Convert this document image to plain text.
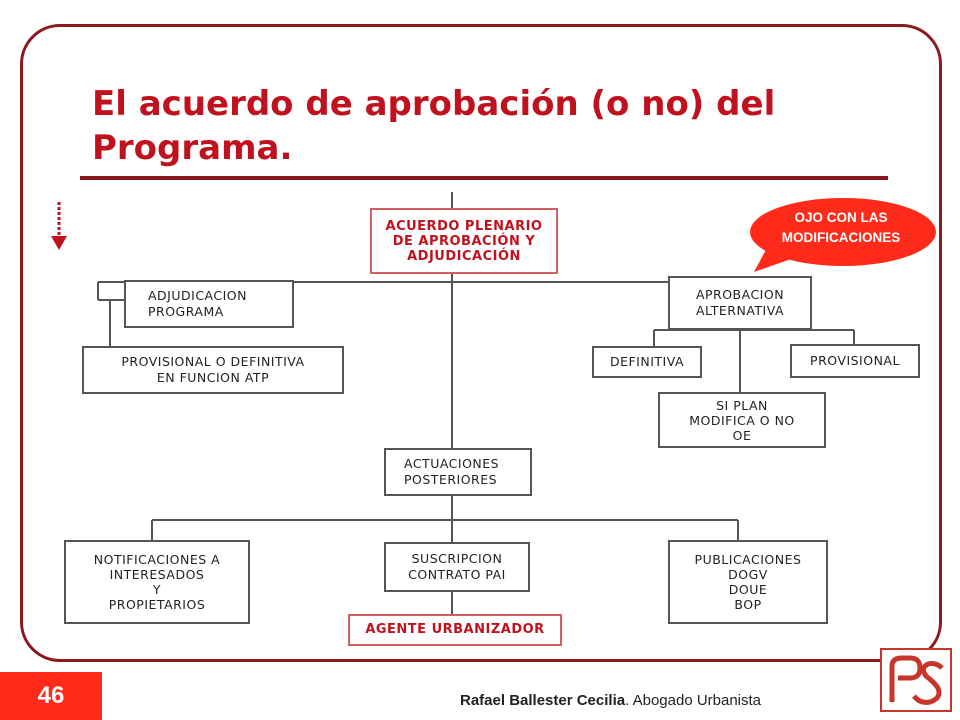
El acuerdo de aprobación (o no) del Programa.
ACUERDO PLENARIO
DE APROBACIÓN Y
ADJUDICACIÓN
ADJUDICACION
PROGRAMA
PROVISIONAL O DEFINITIVA
EN FUNCION ATP
APROBACION
ALTERNATIVA
DEFINITIVA	PROVISIONAL
SI PLAN
MODIFICA O NO
OE
ACTUACIONES
POSTERIORES
NOTIFICACIONES A
INTERESADOS
Y
PROPIETARIOS
SUSCRIPCION
CONTRATO PAI
PUBLICACIONES
DOGV
DOUE
BOP
AGENTE URBANIZADOR
OJO CON LAS
MODIFICACIONES
46	Rafael Ballester Cecilia. Abogado Urbanista
